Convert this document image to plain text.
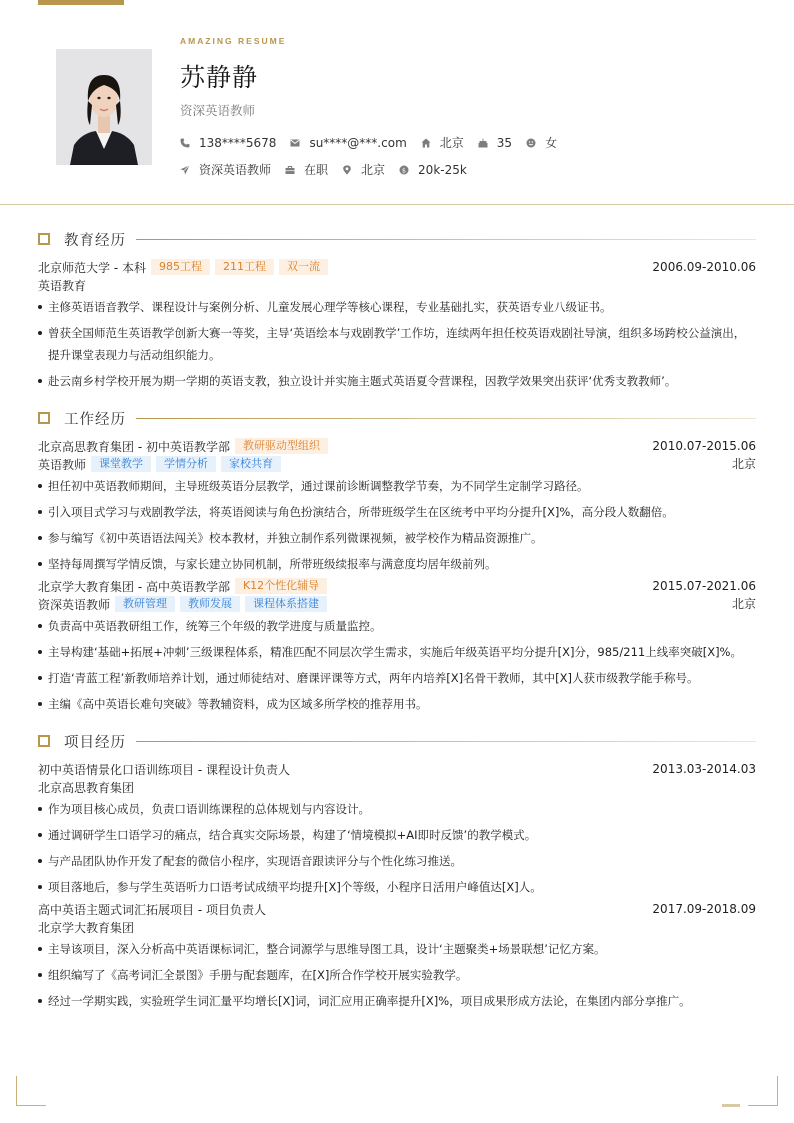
AMAZING RESUME
苏静静
资深英语教师
138****5678	su****@***.com	北京	35	女
资深英语教师	在职	北京	$ 20k-25k
教育经历
北京师范大学 - 本科	985工程	211工程	双一流	2006.09-2010.06
英语教育
主修英语语音教学、课程设计与案例分析、儿童发展心理学等核心课程，专业基础扎实，获英语专业八级证书。
曾获全国师范生英语教学创新大赛一等奖，主导‘英语绘本与戏剧教学’工作坊，连续两年担任校英语戏剧社导演，组织多场跨校公益演出，提升课堂表现力与活动组织能力。
赴云南乡村学校开展为期一学期的英语支教，独立设计并实施主题式英语夏令营课程，因教学效果突出获评‘优秀支教教师’。
工作经历
北京高思教育集团 - 初中英语教学部	教研驱动型组织	2010.07-2015.06
英语教师	课堂教学	学情分析	家校共育	北京
担任初中英语教师期间，主导班级英语分层教学，通过课前诊断调整教学节奏，为不同学生定制学习路径。
引入项目式学习与戏剧教学法，将英语阅读与角色扮演结合，所带班级学生在区统考中平均分提升[X]%，高分段人数翻倍。
参与编写《初中英语语法闯关》校本教材，并独立制作系列微课视频，被学校作为精品资源推广。
坚持每周撰写学情反馈，与家长建立协同机制，所带班级续报率与满意度均居年级前列。
北京学大教育集团 - 高中英语教学部	K12个性化辅导	2015.07-2021.06
资深英语教师	教研管理	教师发展	课程体系搭建	北京
负责高中英语教研组工作，统筹三个年级的教学进度与质量监控。
主导构建‘基础+拓展+冲刺’三级课程体系，精准匹配不同层次学生需求，实施后年级英语平均分提升[X]分，985/211上线率突破[X]%。
打造‘青蓝工程’新教师培养计划，通过师徒结对、磨课评课等方式，两年内培养[X]名骨干教师，其中[X]人获市级教学能手称号。
主编《高中英语长难句突破》等教辅资料，成为区域多所学校的推荐用书。
项目经历
初中英语情景化口语训练项目 - 课程设计负责人	2013.03-2014.03
北京高思教育集团
作为项目核心成员，负责口语训练课程的总体规划与内容设计。
通过调研学生口语学习的痛点，结合真实交际场景，构建了‘情境模拟+AI即时反馈’的教学模式。
与产品团队协作开发了配套的微信小程序，实现语音跟读评分与个性化练习推送。
项目落地后，参与学生英语听力口语考试成绩平均提升[X]个等级，小程序日活用户峰值达[X]人。
高中英语主题式词汇拓展项目 - 项目负责人	2017.09-2018.09
北京学大教育集团
主导该项目，深入分析高中英语课标词汇，整合词源学与思维导图工具，设计‘主题聚类+场景联想’记忆方案。
组织编写了《高考词汇全景图》手册与配套题库，在[X]所合作学校开展实验教学。
经过一学期实践，实验班学生词汇量平均增长[X]词，词汇应用正确率提升[X]%，项目成果形成方法论，在集团内部分享推广。
